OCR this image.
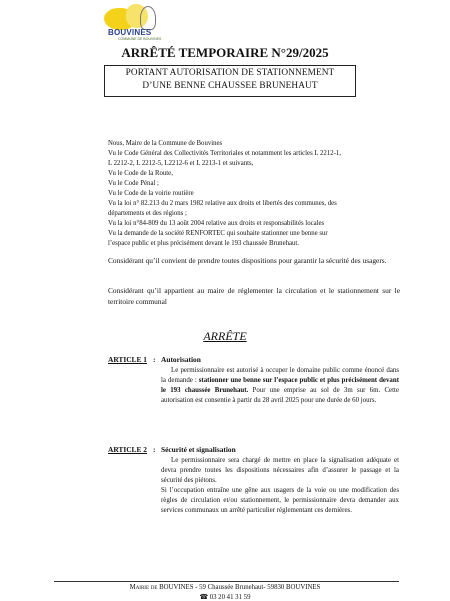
BOUVINES
COMMUNE DE BOUVINES
ARRÊTÉ TEMPORAIRE N°29/2025
PORTANT AUTORISATION DE STATIONNEMENT
D’UNE BENNE CHAUSSEE BRUNEHAUT
Nous, Maire de la Commune de Bouvines
Vu le Code Général des Collectivités Territoriales et notamment les articles L 2212-1,
L 2212-2, L 2212-5, L2212-6 et L 2213-1 et suivants,
Vu le Code de la Route,
Vu le Code Pénal ;
Vu le Code de la voirie routière
Vu la loi n° 82.213 du 2 mars 1982 relative aux droits et libertés des communes, des
départements et des régions ;
Vu la loi n°84-809 du 13 août 2004 relative aux droits et responsabilités locales
Vu la demande de la société RENFORTEC qui souhaite stationner une benne sur
l’espace public et plus précisément devant le 193 chaussée Brunehaut.
Considérant qu’il convient de prendre toutes dispositions pour garantir la sécurité des usagers.
Considérant qu’il appartient au maire de réglementer la circulation et le stationnement sur le territoire communal
ARRÊTE
ARTICLE 1 : Autorisation
Le permissionnaire est autorisé à occuper le domaine public comme énoncé dans la demande : stationner une benne sur l’espace public et plus précisément devant le 193 chaussée Brunehaut. Pour une emprise au sol de 3m sur 6m. Cette autorisation est consentie à partir du 28 avril 2025 pour une durée de 60 jours.
ARTICLE 2 : Sécurité et signalisation
Le permissionnaire sera chargé de mettre en place la signalisation adéquate et devra prendre toutes les dispositions nécessaires afin d’assurer le passage et la sécurité des piétons.
Si l’occupation entraîne une gêne aux usagers de la voie ou une modification des règles de circulation et/ou stationnement, le permissionnaire devra demander aux services communaux un arrêté particulier réglementant ces dernières.
Mairie de BOUVINES - 59 Chaussée Brunehaut- 59830 BOUVINES
☎ 03 20 41 31 59
